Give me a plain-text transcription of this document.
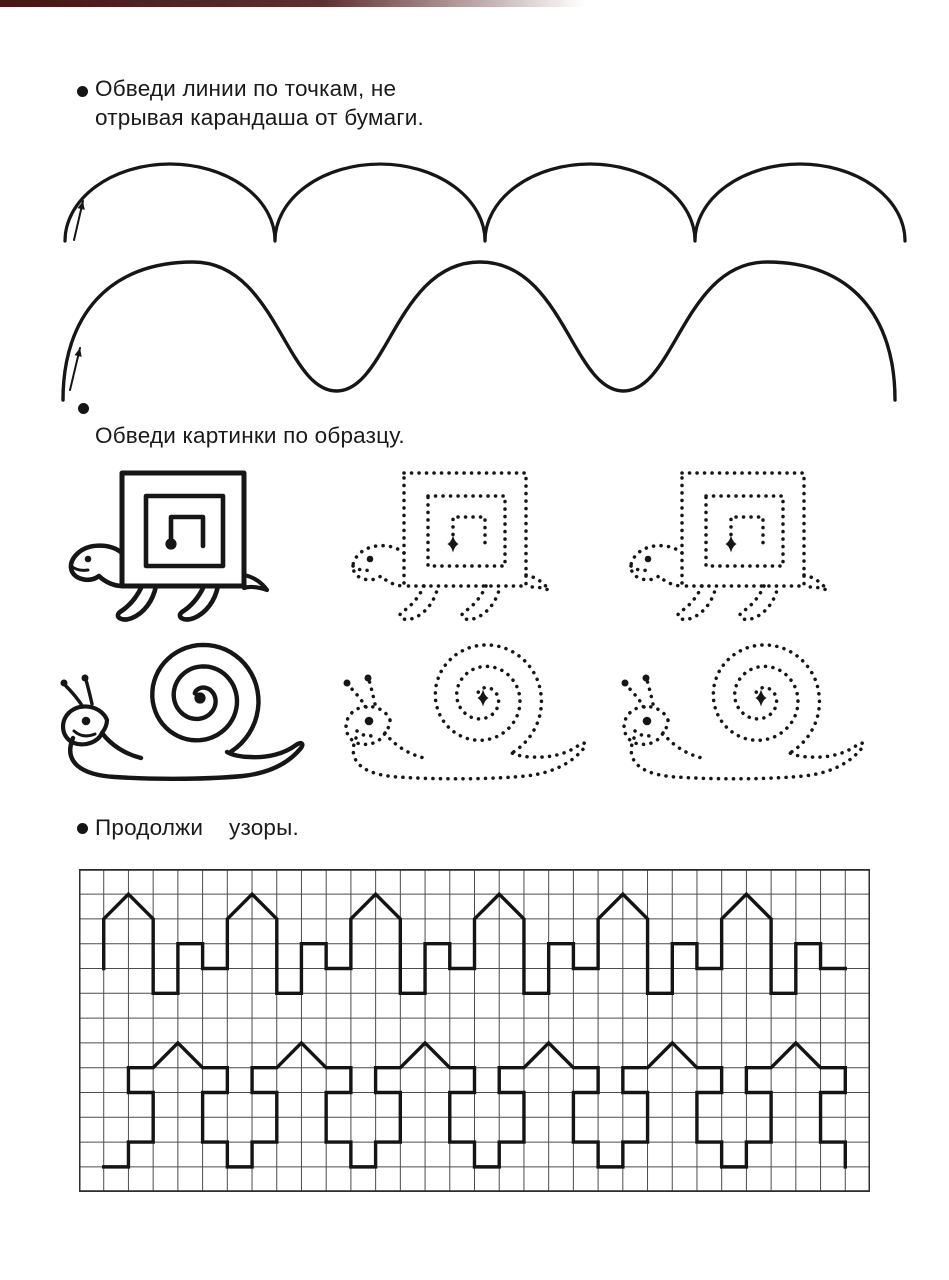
Обведи линии по точкам, не
отрывая карандаша от бумаги.
Обведи картинки по образцу.
Продолжи    узоры.
